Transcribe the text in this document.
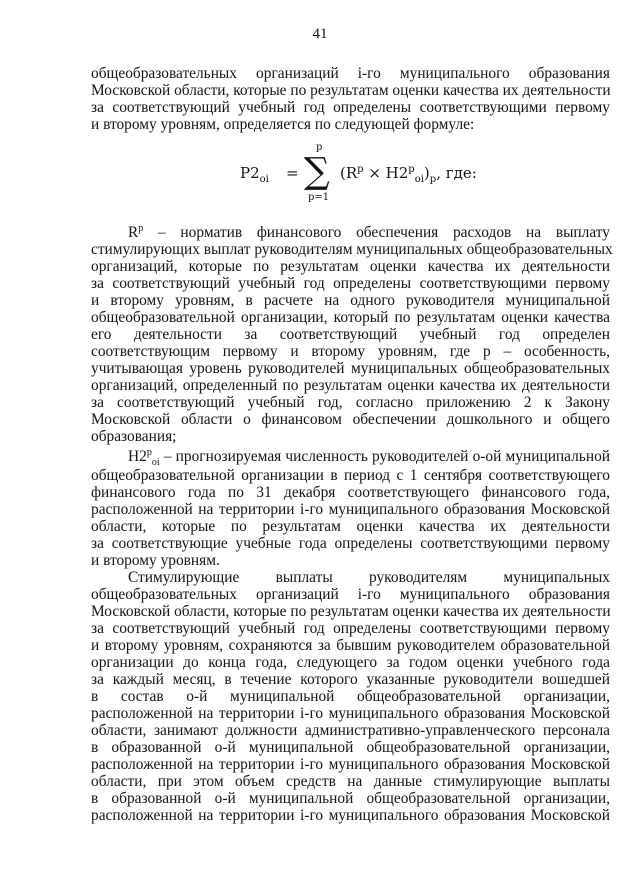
41
общеобразовательных организаций i-го муниципального образования
Московской области, которые по результатам оценки качества их деятельности
за соответствующий учебный год определены соответствующими первому
и второму уровням, определяется по следующей формуле:
$P2_{oi}$ = ∑
p
p=1
$(R^p \times H2^p_{oi})_p$, где:
$R^p$ – норматив финансового обеспечения расходов на выплату
стимулирующих выплат руководителям муниципальных общеобразовательных
организаций, которые по результатам оценки качества их деятельности
за соответствующий учебный год определены соответствующими первому
и второму уровням, в расчете на одного руководителя муниципальной
общеобразовательной организации, который по результатам оценки качества
его деятельности за соответствующий учебный год определен
соответствующим первому и второму уровням, где р – особенность,
учитывающая уровень руководителей муниципальных общеобразовательных
организаций, определенный по результатам оценки качества их деятельности
за соответствующий учебный год, согласно приложению 2 к Закону
Московской области о финансовом обеспечении дошкольного и общего
образования;
$H2^p_{oi}$ – прогнозируемая численность руководителей о-ой муниципальной
общеобразовательной организации в период с 1 сентября соответствующего
финансового года по 31 декабря соответствующего финансового года,
расположенной на территории i-го муниципального образования Московской
области, которые по результатам оценки качества их деятельности
за соответствующие учебные года определены соответствующими первому
и второму уровням.
Стимулирующие выплаты руководителям муниципальных
общеобразовательных организаций i-го муниципального образования
Московской области, которые по результатам оценки качества их деятельности
за соответствующий учебный год определены соответствующими первому
и второму уровням, сохраняются за бывшим руководителем образовательной
организации до конца года, следующего за годом оценки учебного года
за каждый месяц, в течение которого указанные руководители вошедшей
в состав о-й муниципальной общеобразовательной организации,
расположенной на территории i-го муниципального образования Московской
области, занимают должности административно-управленческого персонала
в образованной о-й муниципальной общеобразовательной организации,
расположенной на территории i-го муниципального образования Московской
области, при этом объем средств на данные стимулирующие выплаты
в образованной о-й муниципальной общеобразовательной организации,
расположенной на территории i-го муниципального образования Московской
